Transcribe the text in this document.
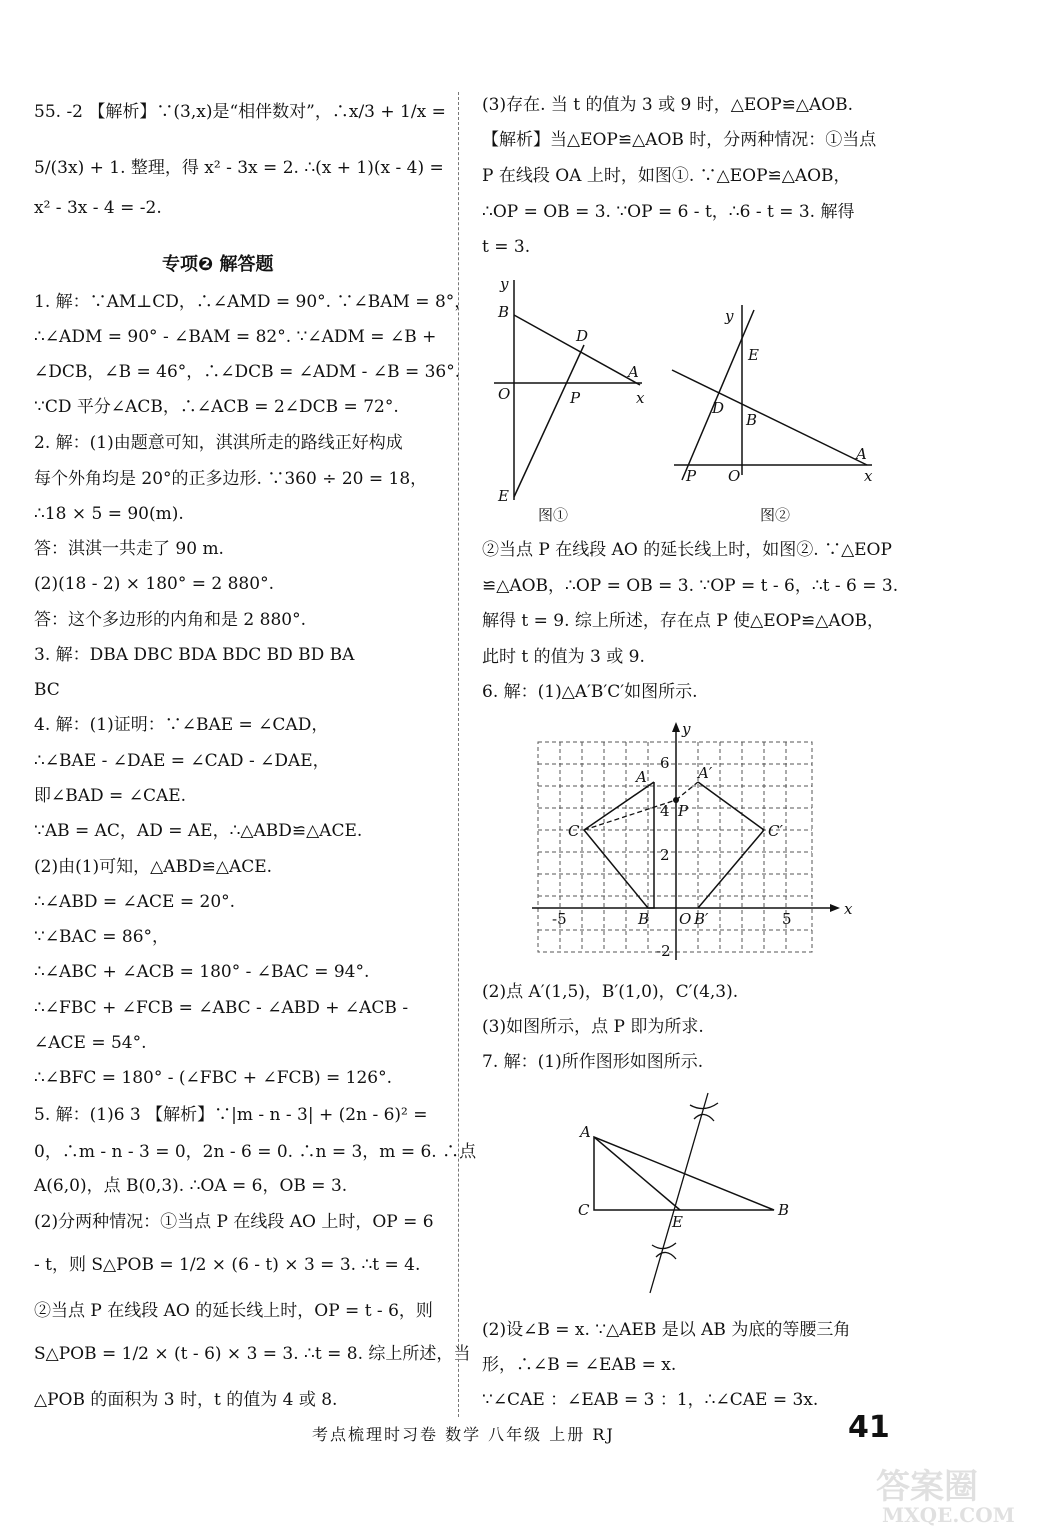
55. -2 【解析】∵(3,x)是“相伴数对”，∴x/3 + 1/x =
5/(3x) + 1. 整理，得 x² - 3x = 2. ∴(x + 1)(x - 4) =
x² - 3x - 4 = -2.
专项❷ 解答题
1. 解：∵AM⊥CD，∴∠AMD = 90°. ∵∠BAM = 8°，
∴∠ADM = 90° - ∠BAM = 82°. ∵∠ADM = ∠B +
∠DCB，∠B = 46°，∴∠DCB = ∠ADM - ∠B = 36°.
∵CD 平分∠ACB，∴∠ACB = 2∠DCB = 72°.
2. 解：(1)由题意可知，淇淇所走的路线正好构成
每个外角均是 20°的正多边形. ∵360 ÷ 20 = 18，
∴18 × 5 = 90(m).
答：淇淇一共走了 90 m.
(2)(18 - 2) × 180° = 2 880°.
答：这个多边形的内角和是 2 880°.
3. 解：DBA DBC BDA BDC BD BD BA
BC
4. 解：(1)证明：∵∠BAE = ∠CAD，
∴∠BAE - ∠DAE = ∠CAD - ∠DAE，
即∠BAD = ∠CAE.
∵AB = AC，AD = AE，∴△ABD≌△ACE.
(2)由(1)可知，△ABD≌△ACE.
∴∠ABD = ∠ACE = 20°.
∵∠BAC = 86°，
∴∠ABC + ∠ACB = 180° - ∠BAC = 94°.
∴∠FBC + ∠FCB = ∠ABC - ∠ABD + ∠ACB -
∠ACE = 54°.
∴∠BFC = 180° - (∠FBC + ∠FCB) = 126°.
5. 解：(1)6 3 【解析】∵|m - n - 3| + (2n - 6)² =
0，∴m - n - 3 = 0，2n - 6 = 0. ∴n = 3，m = 6. ∴点
A(6,0)，点 B(0,3). ∴OA = 6，OB = 3.
(2)分两种情况：①当点 P 在线段 AO 上时，OP = 6
- t，则 S△POB = 1/2 × (6 - t) × 3 = 3. ∴t = 4.
②当点 P 在线段 AO 的延长线上时，OP = t - 6，则
S△POB = 1/2 × (t - 6) × 3 = 3. ∴t = 8. 综上所述，当
△POB 的面积为 3 时，t 的值为 4 或 8.
(3)存在. 当 t 的值为 3 或 9 时，△EOP≌△AOB.
【解析】当△EOP≌△AOB 时，分两种情况：①当点
P 在线段 OA 上时，如图①. ∵△EOP≌△AOB，
∴OP = OB = 3. ∵OP = 6 - t，∴6 - t = 3. 解得
t = 3.
y
x
B
D
A
O	P
E
y
x
E
D
B
A
P O
图①	图②
②当点 P 在线段 AO 的延长线上时，如图②. ∵△EOP
≌△AOB，∴OP = OB = 3. ∵OP = t - 6，∴t - 6 = 3.
解得 t = 9. 综上所述，存在点 P 使△EOP≌△AOB，
此时 t 的值为 3 或 9.
6. 解：(1)△A′B′C′如图所示.
y
x
6
4
2
-2
-5	5
O
A	A′
B	B′
C	C′
P
(2)点 A′(1,5)，B′(1,0)，C′(4,3).
(3)如图所示，点 P 即为所求.
7. 解：(1)所作图形如图所示.
A
C
E
B
(2)设∠B = x. ∵△AEB 是以 AB 为底的等腰三角
形，∴∠B = ∠EAB = x.
∵∠CAE ：∠EAB = 3 ：1，∴∠CAE = 3x.
考点梳理时习卷 数学 八年级 上册 RJ	41
答案圈
MXQE.COM
